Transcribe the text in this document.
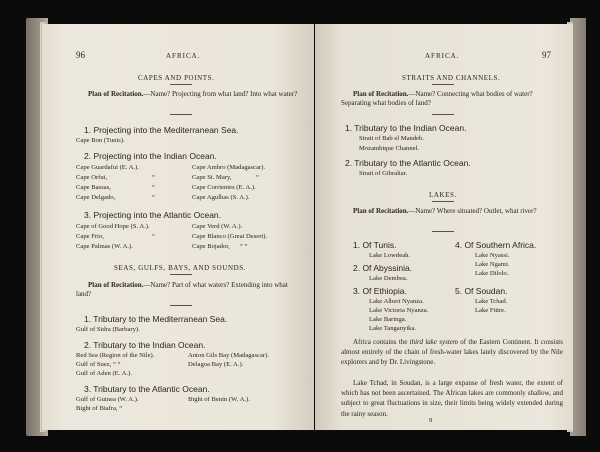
96	AFRICA.
CAPES AND POINTS.
Plan of Recitation.—Name? Projecting from what land? Into what water?
1. Projecting into the Mediterranean Sea.
Cape Bon (Tunis).
2. Projecting into the Indian Ocean.
Cape Guardafui (E. A.).
Cape Orfui,
Cape Bassas,
Cape Delgado,
“
“
“
Cape Ambro (Madagascar).
Cape St. Mary,
Cape Corrientes (E. A.).
Cape Agulhas (S. A.).
“
3. Projecting into the Atlantic Ocean.
Cape of Good Hope (S. A.).
Cape Frio,
Cape Palmas (W. A.).
“
Cape Verd (W. A.).
Cape Blanco (Great Desert).
Cape Bojador, “ “
SEAS, GULFS, BAYS, AND SOUNDS.
Plan of Recitation.—Name? Part of what waters? Extending into what land?
1. Tributary to the Mediterranean Sea.
Gulf of Sidra (Barbary).
2. Tributary to the Indian Ocean.
Red Sea (Region of the Nile).
Gulf of Suez, “ “
Gulf of Aden (E. A.).
Anton Gils Bay (Madagascar).
Delagoa Bay (E. A.).
3. Tributary to the Atlantic Ocean.
Gulf of Guinea (W. A.).
Bight of Biafra, “
Bight of Benin (W. A.).
AFRICA.	97
STRAITS AND CHANNELS.
Plan of Recitation.—Name? Connecting what bodies of water? Separating what bodies of land?
1. Tributary to the Indian Ocean.
Strait of Bab el Mandeb.
Mozambique Channel.
2. Tributary to the Atlantic Ocean.
Strait of Gibraltar.
LAKES.
Plan of Recitation.—Name? Where situated? Outlet, what river?
1. Of Tunis.
Lake Lowdeah.
2. Of Abyssinia.
Lake Dembea.
3. Of Ethiopia.
Lake Albert Nyanza.
Lake Victoria Nyanza.
Lake Baringa.
Lake Tanganyika.
4. Of Southern Africa.
Lake Nyassi.
Lake Ngami.
Lake Dilolo.
5. Of Soudan.
Lake Tchad.
Lake Fittre.
Africa contains the third lake system of the Eastern Continent. It consists almost entirely of the chain of fresh-water lakes lately discovered by the Nile explorers and by Dr. Livingstone.
Lake Tchad, in Soudan, is a large expanse of fresh water, the extent of which has not been ascertained. The African lakes are commonly shallow, and subject to great fluctuations in size, their limits being widely extended during the rainy season.
9
